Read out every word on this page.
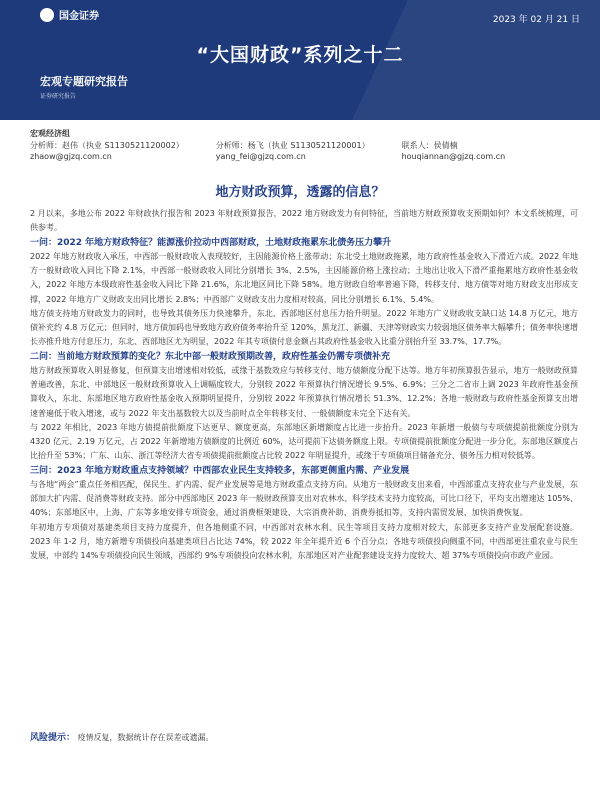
国金证券	2023 年 02 月 21 日
“大国财政”系列之十二
宏观专题研究报告
证券研究报告
宏观经济组
分析师：赵伟（执业 S1130521120002）
zhaow@gjzq.com.cn
分析师：杨飞（执业 S1130521120001）
yang_fei@gjzq.com.cn
联系人：侯倩楠
houqiannan@gjzq.com.cn
地方财政预算，透露的信息？

2 月以来，多地公布 2022 年财政执行报告和 2023 年财政预算报告，2022 地方财政发力有何特征，当前地方财政预算收支预期如何？本文系统梳理，可供参考。

一问：2022 年地方财政特征？能源涨价拉动中西部财政，土地财政拖累东北债务压力攀升

2022 年地方财政收入承压，中西部一般财政收入表现较好，主因能源价格上涨带动；东北受土地财政拖累，地方政府性基金收入下滑近六成。2022 年地方一般财政收入同比下降 2.1%，中西部一般财政收入同比分别增长 3%、2.5%，主因能源价格上涨拉动；土地出让收入下滑严重拖累地方政府性基金收入，2022 年地方本级政府性基金收入同比下降 21.6%，东北地区同比下降 58%。地方财政自给率普遍下降，转移支付、地方债等对地方财政支出形成支撑，2022 年地方广义财政支出同比增长 2.8%；中西部广义财政支出力度相对较高，同比分别增长 6.1%、5.4%。

地方债支持地方财政发力的同时，也导致其债务压力快速攀升，东北、西部地区付息压力抬升明显。2022 年地方广义财政收支缺口达 14.8 万亿元，地方债补充约 4.8 万亿元；但同时，地方债加码也导致地方政府债务率抬升至 120%，黑龙江、新疆、天津等财政实力较弱地区债务率大幅攀升；债务率快速增长亦推升地方付息压力，东北、西部地区尤为明显，2022 年其专项债付息金额占其政府性基金收入比重分别抬升至 33.7%、17.7%。

二问：当前地方财政预算的变化？东北中部一般财政预期改善，政府性基金仍需专项债补充

地方财政预算收入明显修复，但预算支出增速相对较低，或缘于基数效应与转移支付、地方债额度分配下达等。地方年初预算报告显示，地方一般财政预算普遍改善，东北、中部地区一般财政预算收入上调幅度较大，分别较 2022 年预算执行情况增长 9.5%、6.9%；三分之二省市上调 2023 年政府性基金预算收入，东北、东部地区地方政府性基金收入预期明显提升，分别较 2022 年预算执行情况增长 51.3%、12.2%；各地一般财政与政府性基金预算支出增速普遍低于收入增速，或与 2022 年支出基数较大以及当前时点全年转移支付、一般债额度未完全下达有关。

与 2022 年相比，2023 年地方债提前批额度下达更早、额度更高，东部地区新增额度占比进一步抬升。2023 年新增一般债与专项债提前批额度分别为 4320 亿元、2.19 万亿元，占 2022 年新增地方债额度的比例近 60%，达可提前下达债务额度上限。专项债提前批额度分配进一步分化，东部地区额度占比抬升至 53%；广东、山东、浙江等经济大省专项债提前批额度占比较 2022 年明显提升，或缘于专项债项目储备充分、债务压力相对较低等。

三问：2023 年地方财政重点支持领域？中西部农业民生支持较多，东部更侧重内需、产业发展

与各地“两会”重点任务相匹配，保民生、扩内需、促产业发展等是地方财政重点支持方向。从地方一般财政支出来看，中西部重点支持农业与产业发展，东部加大扩内需、促消费等财政支持。部分中西部地区 2023 年一般财政预算支出对农林水、科学技术支持力度较高，可比口径下，平均支出增速达 105%、40%；东部地区中，上海、广东等多地安排专项资金，通过消费框架建设、大宗消费补助、消费券抵扣等，支持内需贸发展、加快消费恢复。

年初地方专项债对基建类项目支持力度提升，但各地侧重不同，中西部对农林水利、民生等项目支持力度相对较大，东部更多支持产业发展配套设施。2023 年 1-2 月，地方新增专项债投向基建类项目占比达 74%，较 2022 年全年提升近 6 个百分点；各地专项债投向侧重不同，中西部更注重农业与民生发展，中部约 14%专项债投向民生领域，西部约 9%专项债投向农林水利，东部地区对产业配套建设支持力度较大、超 37%专项债投向市政产业园。

风险提示： 疫情反复，数据统计存在误差或遗漏。
